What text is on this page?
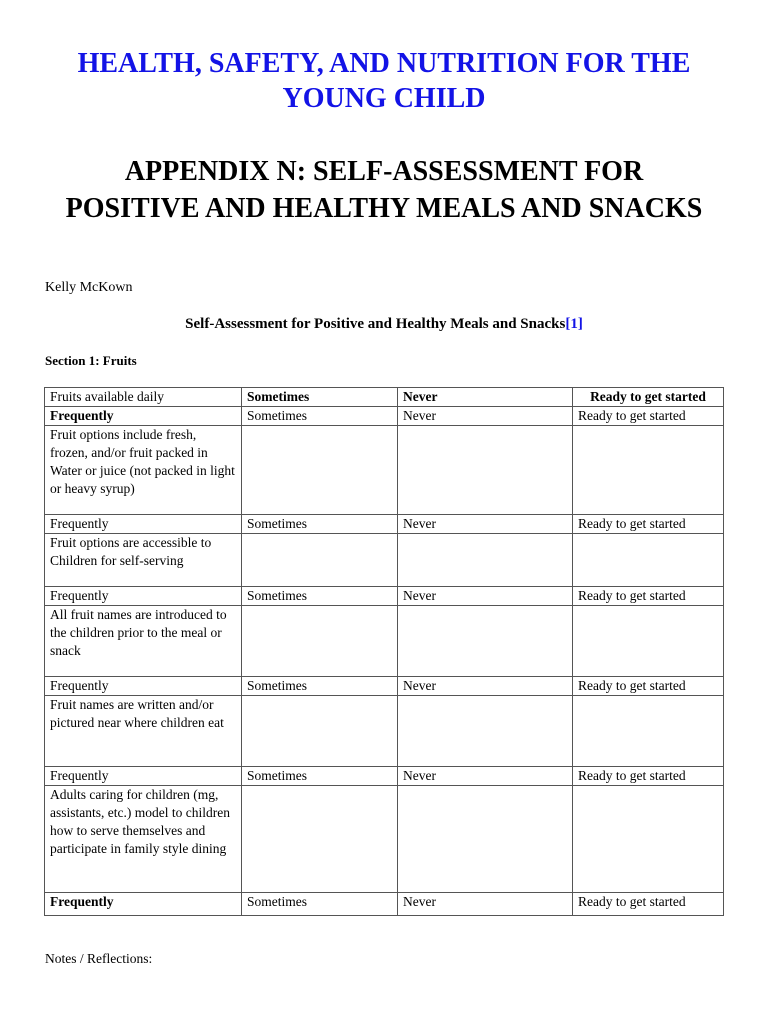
HEALTH, SAFETY, AND NUTRITION FOR THE YOUNG CHILD
APPENDIX N: SELF-ASSESSMENT FOR POSITIVE AND HEALTHY MEALS AND SNACKS

Kelly McKown

Self-Assessment for Positive and Healthy Meals and Snacks[1]

Section 1: Fruits

Fruits available daily	Sometimes	Never	Ready to get started
Frequently	Sometimes	Never	Ready to get started
Fruit options include fresh, frozen, and/or fruit packed in Water or juice (not packed in light or heavy syrup)			
Frequently	Sometimes	Never	Ready to get started
Fruit options are accessible to Children for self-serving			
Frequently	Sometimes	Never	Ready to get started
All fruit names are introduced to the children prior to the meal or snack			
Frequently	Sometimes	Never	Ready to get started
Fruit names are written and/or pictured near where children eat			
Frequently	Sometimes	Never	Ready to get started
Adults caring for children (mg, assistants, etc.) model to children how to serve themselves and participate in family style dining			
Frequently	Sometimes	Never	Ready to get started

Notes / Reflections:
